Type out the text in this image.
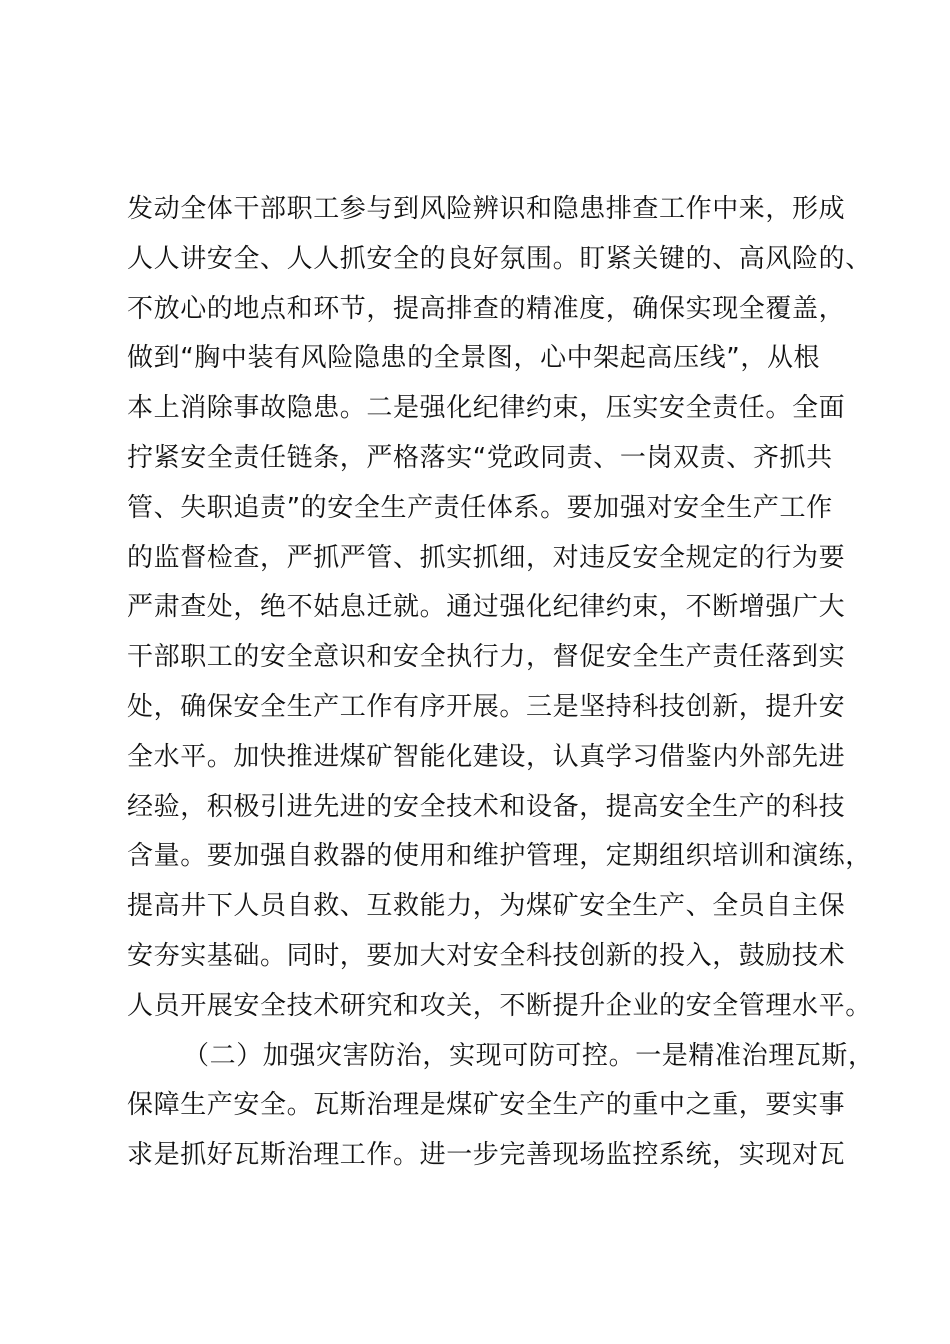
发动全体干部职工参与到风险辨识和隐患排查工作中来，形成
人人讲安全、人人抓安全的良好氛围。盯紧关键的、高风险的、
不放心的地点和环节，提高排查的精准度，确保实现全覆盖，
做到“胸中装有风险隐患的全景图，心中架起高压线”，从根
本上消除事故隐患。二是强化纪律约束，压实安全责任。全面
拧紧安全责任链条，严格落实“党政同责、一岗双责、齐抓共
管、失职追责”的安全生产责任体系。要加强对安全生产工作
的监督检查，严抓严管、抓实抓细，对违反安全规定的行为要
严肃查处，绝不姑息迁就。通过强化纪律约束，不断增强广大
干部职工的安全意识和安全执行力，督促安全生产责任落到实
处，确保安全生产工作有序开展。三是坚持科技创新，提升安
全水平。加快推进煤矿智能化建设，认真学习借鉴内外部先进
经验，积极引进先进的安全技术和设备，提高安全生产的科技
含量。要加强自救器的使用和维护管理，定期组织培训和演练，
提高井下人员自救、互救能力，为煤矿安全生产、全员自主保
安夯实基础。同时，要加大对安全科技创新的投入，鼓励技术
人员开展安全技术研究和攻关，不断提升企业的安全管理水平。
（二）加强灾害防治，实现可防可控。一是精准治理瓦斯，
保障生产安全。瓦斯治理是煤矿安全生产的重中之重，要实事
求是抓好瓦斯治理工作。进一步完善现场监控系统，实现对瓦
